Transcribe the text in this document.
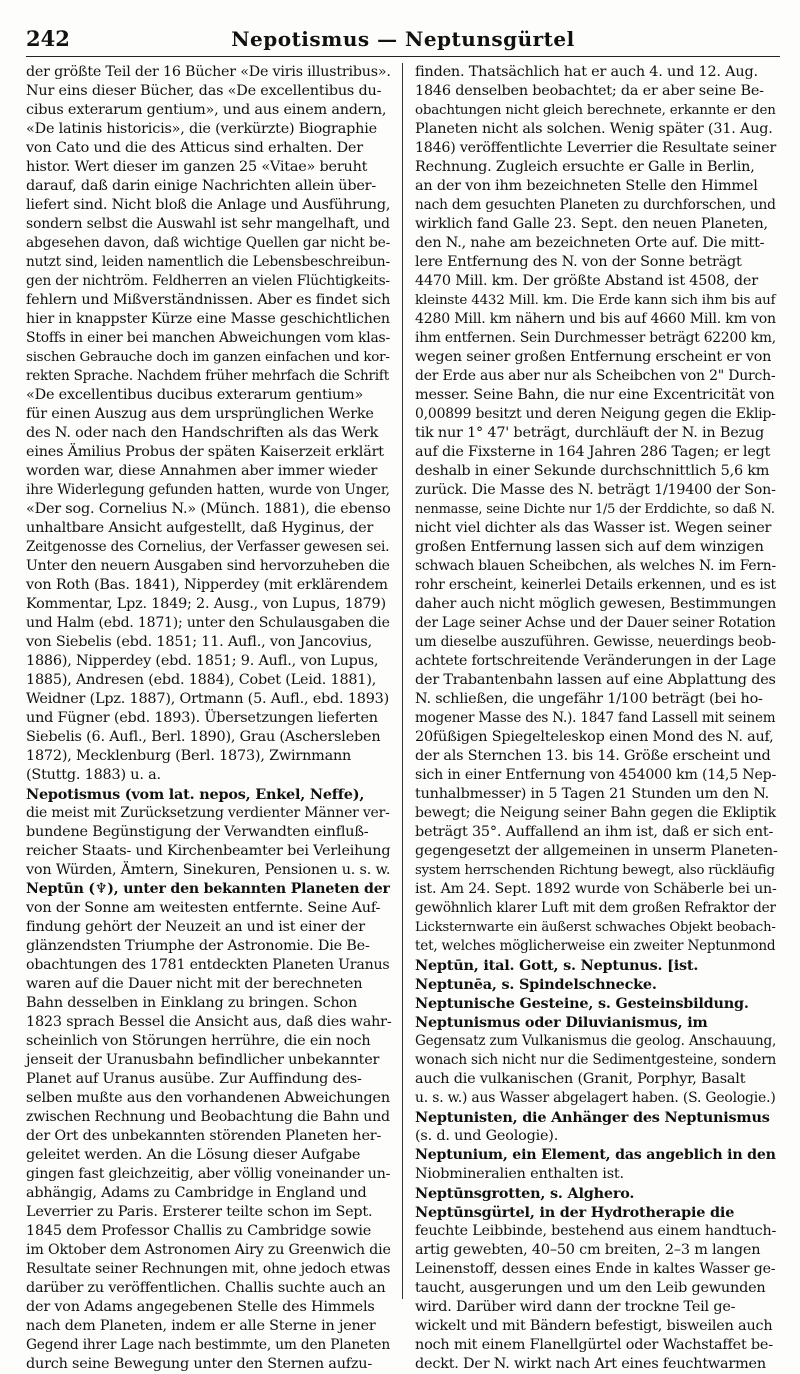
242	Nepotismus — Neptunsgürtel
der größte Teil der 16 Bücher «De viris illustribus».
Nur eins dieser Bücher, das «De excellentibus du-
cibus exterarum gentium», und aus einem andern,
«De latinis historicis», die (verkürzte) Biographie
von Cato und die des Atticus sind erhalten. Der
histor. Wert dieser im ganzen 25 «Vitae» beruht
darauf, daß darin einige Nachrichten allein über-
liefert sind. Nicht bloß die Anlage und Ausführung,
sondern selbst die Auswahl ist sehr mangelhaft, und
abgesehen davon, daß wichtige Quellen gar nicht be-
nutzt sind, leiden namentlich die Lebensbeschreibun-
gen der nichtröm. Feldherren an vielen Flüchtigkeits-
fehlern und Mißverständnissen. Aber es findet sich
hier in knappster Kürze eine Masse geschichtlichen
Stoffs in einer bei manchen Abweichungen vom klas-
sischen Gebrauche doch im ganzen einfachen und kor-
rekten Sprache. Nachdem früher mehrfach die Schrift
«De excellentibus ducibus exterarum gentium»
für einen Auszug aus dem ursprünglichen Werke
des N. oder nach den Handschriften als das Werk
eines Ämilius Probus der späten Kaiserzeit erklärt
worden war, diese Annahmen aber immer wieder
ihre Widerlegung gefunden hatten, wurde von Unger,
«Der sog. Cornelius N.» (Münch. 1881), die ebenso
unhaltbare Ansicht aufgestellt, daß Hyginus, der
Zeitgenosse des Cornelius, der Verfasser gewesen sei.
Unter den neuern Ausgaben sind hervorzuheben die
von Roth (Bas. 1841), Nipperdey (mit erklärendem
Kommentar, Lpz. 1849; 2. Ausg., von Lupus, 1879)
und Halm (ebd. 1871); unter den Schulausgaben die
von Siebelis (ebd. 1851; 11. Aufl., von Jancovius,
1886), Nipperdey (ebd. 1851; 9. Aufl., von Lupus,
1885), Andresen (ebd. 1884), Cobet (Leid. 1881),
Weidner (Lpz. 1887), Ortmann (5. Aufl., ebd. 1893)
und Fügner (ebd. 1893). Übersetzungen lieferten
Siebelis (6. Aufl., Berl. 1890), Grau (Aschersleben
1872), Mecklenburg (Berl. 1873), Zwirnmann
(Stuttg. 1883) u. a.
Nepotismus (vom lat. nepos, Enkel, Neffe),
die meist mit Zurücksetzung verdienter Männer ver-
bundene Begünstigung der Verwandten einfluß-
reicher Staats- und Kirchenbeamter bei Verleihung
von Würden, Ämtern, Sinekuren, Pensionen u. s. w.
Neptūn (♆), unter den bekannten Planeten der
von der Sonne am weitesten entfernte. Seine Auf-
findung gehört der Neuzeit an und ist einer der
glänzendsten Triumphe der Astronomie. Die Be-
obachtungen des 1781 entdeckten Planeten Uranus
waren auf die Dauer nicht mit der berechneten
Bahn desselben in Einklang zu bringen. Schon
1823 sprach Bessel die Ansicht aus, daß dies wahr-
scheinlich von Störungen herrühre, die ein noch
jenseit der Uranusbahn befindlicher unbekannter
Planet auf Uranus ausübe. Zur Auffindung des-
selben mußte aus den vorhandenen Abweichungen
zwischen Rechnung und Beobachtung die Bahn und
der Ort des unbekannten störenden Planeten her-
geleitet werden. An die Lösung dieser Aufgabe
gingen fast gleichzeitig, aber völlig voneinander un-
abhängig, Adams zu Cambridge in England und
Leverrier zu Paris. Ersterer teilte schon im Sept.
1845 dem Professor Challis zu Cambridge sowie
im Oktober dem Astronomen Airy zu Greenwich die
Resultate seiner Rechnungen mit, ohne jedoch etwas
darüber zu veröffentlichen. Challis suchte auch an
der von Adams angegebenen Stelle des Himmels
nach dem Planeten, indem er alle Sterne in jener
Gegend ihrer Lage nach bestimmte, um den Planeten
durch seine Bewegung unter den Sternen aufzu-
finden. Thatsächlich hat er auch 4. und 12. Aug.
1846 denselben beobachtet; da er aber seine Be-
obachtungen nicht gleich berechnete, erkannte er den
Planeten nicht als solchen. Wenig später (31. Aug.
1846) veröffentlichte Leverrier die Resultate seiner
Rechnung. Zugleich ersuchte er Galle in Berlin,
an der von ihm bezeichneten Stelle den Himmel
nach dem gesuchten Planeten zu durchforschen, und
wirklich fand Galle 23. Sept. den neuen Planeten,
den N., nahe am bezeichneten Orte auf. Die mitt-
lere Entfernung des N. von der Sonne beträgt
4470 Mill. km. Der größte Abstand ist 4508, der
kleinste 4432 Mill. km. Die Erde kann sich ihm bis auf
4280 Mill. km nähern und bis auf 4660 Mill. km von
ihm entfernen. Sein Durchmesser beträgt 62200 km,
wegen seiner großen Entfernung erscheint er von
der Erde aus aber nur als Scheibchen von 2" Durch-
messer. Seine Bahn, die nur eine Excentricität von
0,00899 besitzt und deren Neigung gegen die Eklip-
tik nur 1° 47' beträgt, durchläuft der N. in Bezug
auf die Fixsterne in 164 Jahren 286 Tagen; er legt
deshalb in einer Sekunde durchschnittlich 5,6 km
zurück. Die Masse des N. beträgt 1/19400 der Son-
nenmasse, seine Dichte nur 1/5 der Erddichte, so daß N.
nicht viel dichter als das Wasser ist. Wegen seiner
großen Entfernung lassen sich auf dem winzigen
schwach blauen Scheibchen, als welches N. im Fern-
rohr erscheint, keinerlei Details erkennen, und es ist
daher auch nicht möglich gewesen, Bestimmungen
der Lage seiner Achse und der Dauer seiner Rotation
um dieselbe auszuführen. Gewisse, neuerdings beob-
achtete fortschreitende Veränderungen in der Lage
der Trabantenbahn lassen auf eine Abplattung des
N. schließen, die ungefähr 1/100 beträgt (bei ho-
mogener Masse des N.). 1847 fand Lassell mit seinem
20füßigen Spiegelteleskop einen Mond des N. auf,
der als Sternchen 13. bis 14. Größe erscheint und
sich in einer Entfernung von 454000 km (14,5 Nep-
tunhalbmesser) in 5 Tagen 21 Stunden um den N.
bewegt; die Neigung seiner Bahn gegen die Ekliptik
beträgt 35°. Auffallend an ihm ist, daß er sich ent-
gegengesetzt der allgemeinen in unserm Planeten-
system herrschenden Richtung bewegt, also rückläufig
ist. Am 24. Sept. 1892 wurde von Schäberle bei un-
gewöhnlich klarer Luft mit dem großen Refraktor der
Licksternwarte ein äußerst schwaches Objekt beobach-
tet, welches möglicherweise ein zweiter Neptunmond
Neptūn, ital. Gott, s. Neptunus. [ist.
Neptunēa, s. Spindelschnecke.
Neptunische Gesteine, s. Gesteinsbildung.
Neptunismus oder Diluvianismus, im
Gegensatz zum Vulkanismus die geolog. Anschauung,
wonach sich nicht nur die Sedimentgesteine, sondern
auch die vulkanischen (Granit, Porphyr, Basalt
u. s. w.) aus Wasser abgelagert haben. (S. Geologie.)
Neptunisten, die Anhänger des Neptunismus
(s. d. und Geologie).
Neptunium, ein Element, das angeblich in den
Niobmineralien enthalten ist.
Neptūnsgrotten, s. Alghero.
Neptūnsgürtel, in der Hydrotherapie die
feuchte Leibbinde, bestehend aus einem handtuch-
artig gewebten, 40–50 cm breiten, 2–3 m langen
Leinenstoff, dessen eines Ende in kaltes Wasser ge-
taucht, ausgerungen und um den Leib gewunden
wird. Darüber wird dann der trockne Teil ge-
wickelt und mit Bändern befestigt, bisweilen auch
noch mit einem Flanellgürtel oder Wachstaffet be-
deckt. Der N. wirkt nach Art eines feuchtwarmen
